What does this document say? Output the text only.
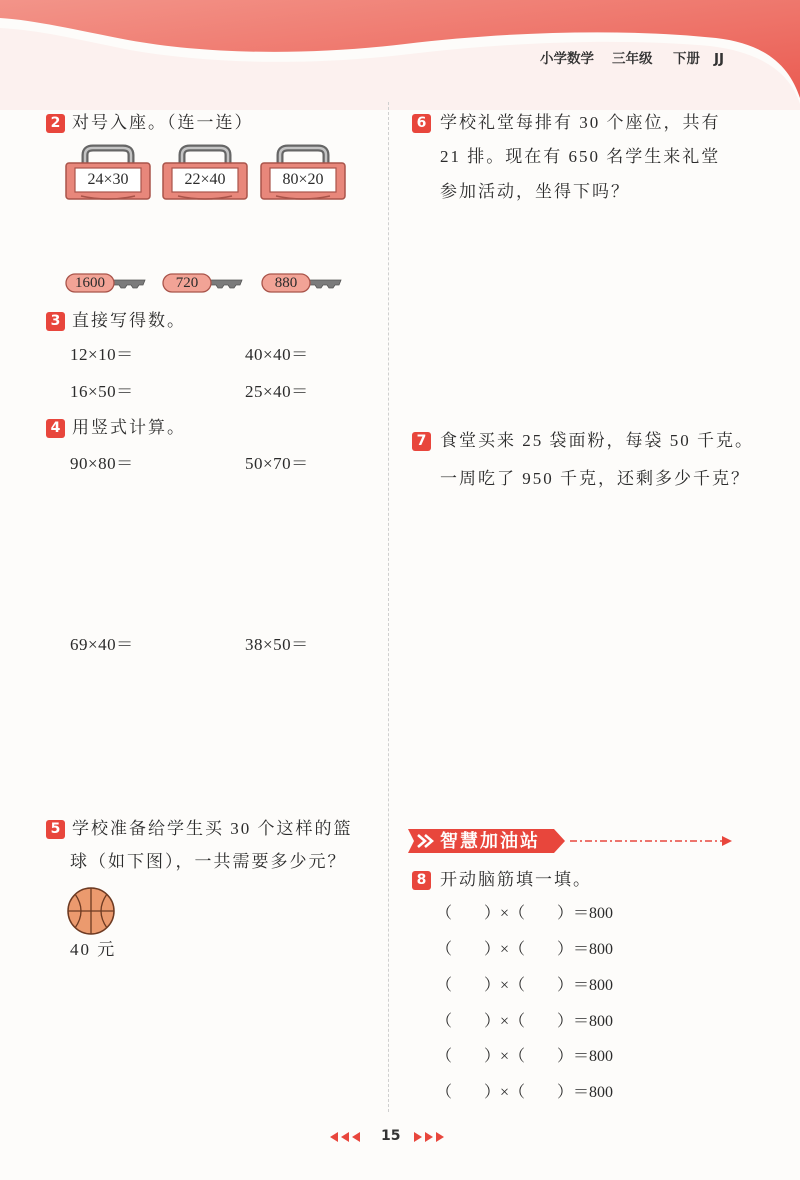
小学数学 三年级 下册 JJ
2 对号入座。（连一连）
24×30	22×40	80×20
1600	720	880
3 直接写得数。
12×10＝	40×40＝
16×50＝	25×40＝
4 用竖式计算。
90×80＝	50×70＝
69×40＝	38×50＝
5 学校准备给学生买 30 个这样的篮
球（如下图），一共需要多少元？
40 元
6 学校礼堂每排有 30 个座位，共有
21 排。现在有 650 名学生来礼堂
参加活动，坐得下吗？
7 食堂买来 25 袋面粉，每袋 50 千克。
一周吃了 950 千克，还剩多少千克？
智慧加油站
8 开动脑筋填一填。
（　　）×（　　）＝800
（　　）×（　　）＝800
（　　）×（　　）＝800
（　　）×（　　）＝800
（　　）×（　　）＝800
（　　）×（　　）＝800
15
